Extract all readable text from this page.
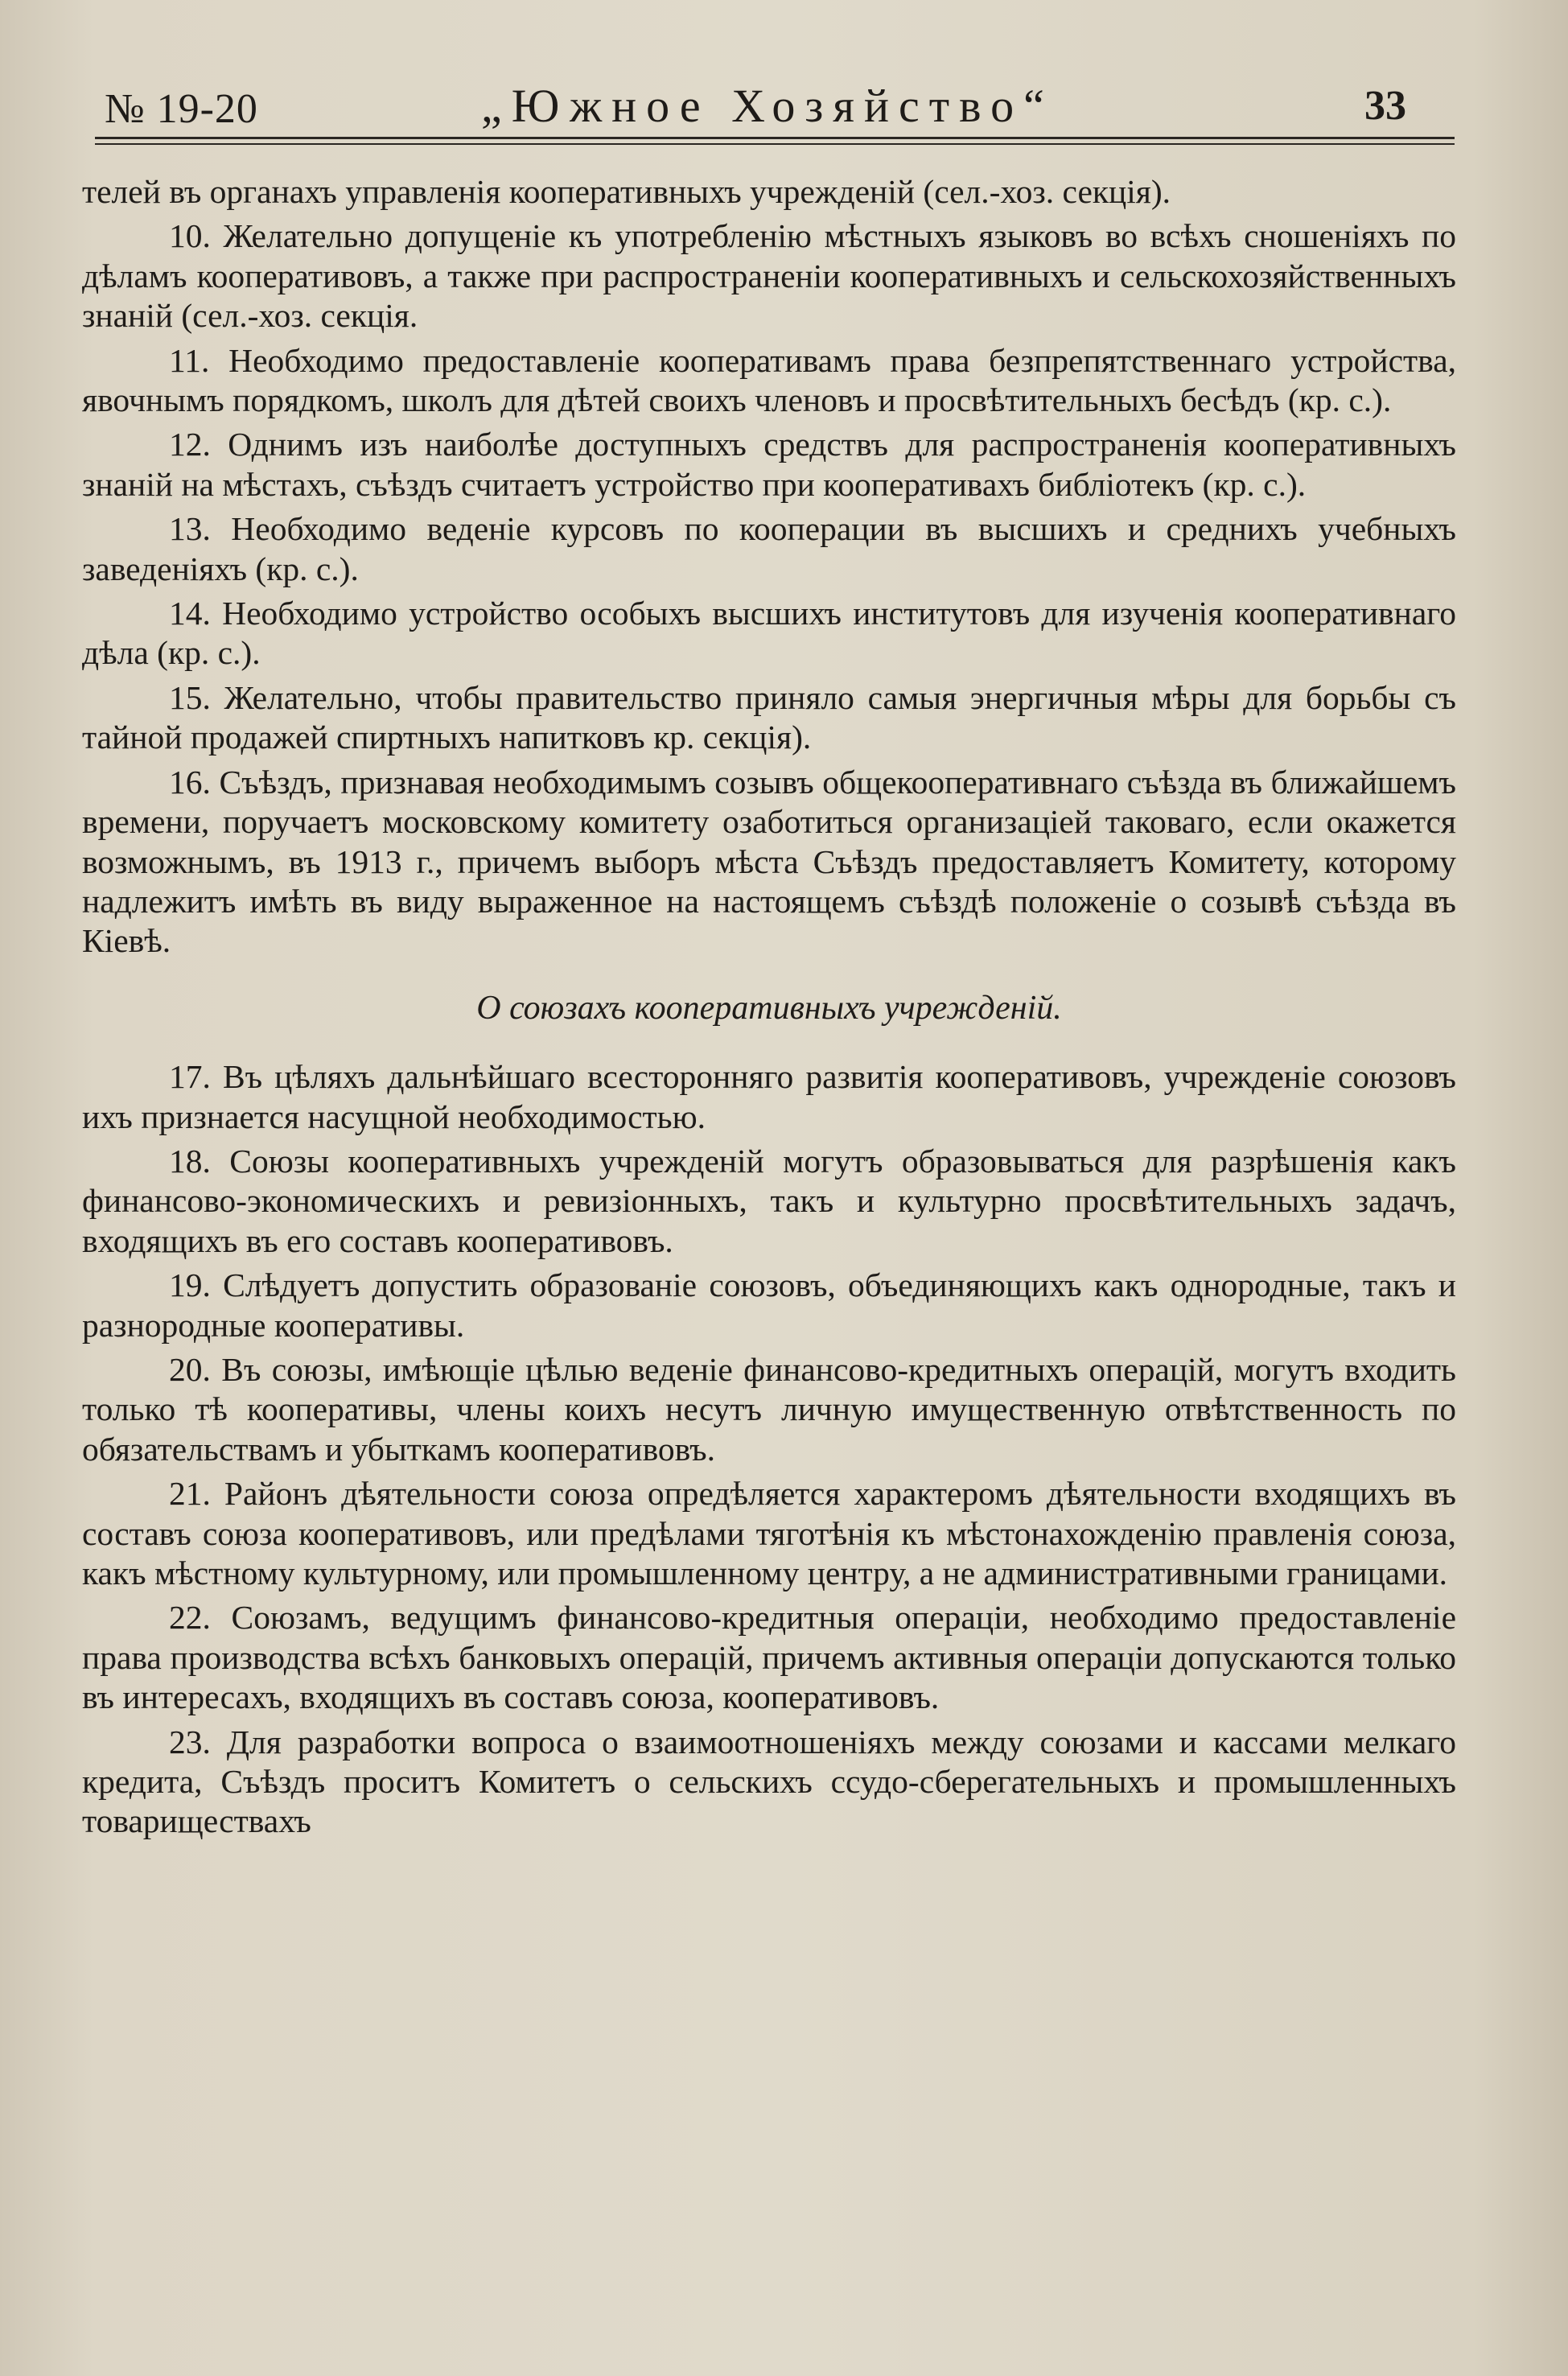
№ 19-20	„Южное Хозяйство“	33

телей въ органахъ управленія кооперативныхъ учрежденій (сел.-хоз. секція).

10. Желательно допущеніе къ употребленію мѣстныхъ языковъ во всѣхъ сношеніяхъ по дѣламъ кооперативовъ, а также при распространеніи кооперативныхъ и сельскохозяйственныхъ знаній (сел.-хоз. секція.

11. Необходимо предоставленіе кооперативамъ права безпрепятственнаго устройства, явочнымъ порядкомъ, школъ для дѣтей своихъ членовъ и просвѣтительныхъ бесѣдъ (кр. с.).

12. Однимъ изъ наиболѣе доступныхъ средствъ для распространенія кооперативныхъ знаній на мѣстахъ, съѣздъ считаетъ устройство при кооперативахъ библіотекъ (кр. с.).

13. Необходимо веденіе курсовъ по кооперации въ высшихъ и среднихъ учебныхъ заведеніяхъ (кр. с.).

14. Необходимо устройство особыхъ высшихъ институтовъ для изученія кооперативнаго дѣла (кр. с.).

15. Желательно, чтобы правительство приняло самыя энергичныя мѣры для борьбы съ тайной продажей спиртныхъ напитковъ кр. секція).

16. Съѣздъ, признавая необходимымъ созывъ общекооперативнаго съѣзда въ ближайшемъ времени, поручаетъ московскому комитету озаботиться организаціей таковаго, если окажется возможнымъ, въ 1913 г., причемъ выборъ мѣста Съѣздъ предоставляетъ Комитету, которому надлежитъ имѣть въ виду выраженное на настоящемъ съѣздѣ положеніе о созывѣ съѣзда въ Кіевѣ.

О союзахъ кооперативныхъ учрежденій.

17. Въ цѣляхъ дальнѣйшаго всесторонняго развитія кооперативовъ, учрежденіе союзовъ ихъ признается насущной необходимостью.

18. Союзы кооперативныхъ учрежденій могутъ образовываться для разрѣшенія какъ финансово-экономическихъ и ревизіонныхъ, такъ и культурно просвѣтительныхъ задачъ, входящихъ въ его составъ кооперативовъ.

19. Слѣдуетъ допустить образованіе союзовъ, объединяющихъ какъ однородные, такъ и разнородные кооперативы.

20. Въ союзы, имѣющіе цѣлью веденіе финансово-кредитныхъ операцій, могутъ входить только тѣ кооперативы, члены коихъ несутъ личную имущественную отвѣтственность по обязательствамъ и убыткамъ кооперативовъ.

21. Районъ дѣятельности союза опредѣляется характеромъ дѣятельности входящихъ въ составъ союза кооперативовъ, или предѣлами тяготѣнія къ мѣстонахожденію правленія союза, какъ мѣстному культурному, или промышленному центру, а не административными границами.

22. Союзамъ, ведущимъ финансово-кредитныя операціи, необходимо предоставленіе права производства всѣхъ банковыхъ операцій, причемъ активныя операціи допускаются только въ интересахъ, входящихъ въ составъ союза, кооперативовъ.

23. Для разработки вопроса о взаимоотношеніяхъ между союзами и кассами мелкаго кредита, Съѣздъ проситъ Комитетъ о сельскихъ ссудо-сберегательныхъ и промышленныхъ товариществахъ
